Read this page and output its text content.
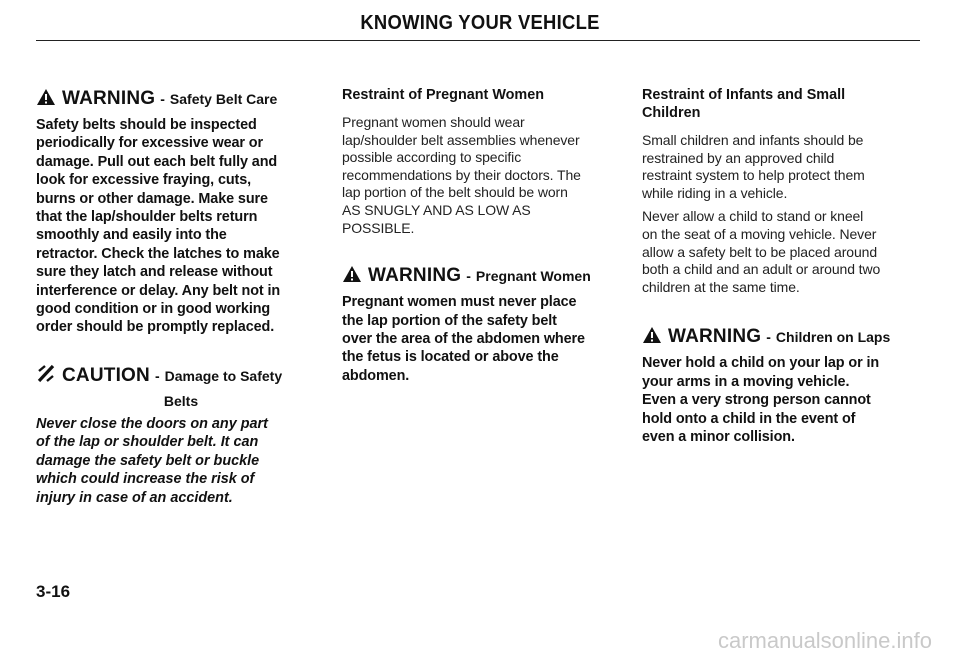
KNOWING YOUR VEHICLE
WARNING - Safety Belt Care

Safety belts should be inspected

periodically for excessive wear or

damage. Pull out each belt fully and

look for excessive fraying, cuts,

burns or other damage. Make sure

that the lap/shoulder belts return

smoothly and easily into the

retractor. Check the latches to make

sure they latch and release without

interference or delay. Any belt not in

good condition or in good working

order should be promptly replaced.

CAUTION - Damage to Safety
Belts

Never close the doors on any part

of the lap or shoulder belt. It can

damage the safety belt or buckle

which could increase the risk of

injury in case of an accident.

Restraint of Pregnant Women

Pregnant women should wear

lap/shoulder belt assemblies whenever

possible according to specific

recommendations by their doctors. The

lap portion of the belt should be worn

AS SNUGLY AND AS LOW AS

POSSIBLE.

WARNING - Pregnant Women

Pregnant women must never place

the lap portion of the safety belt

over the area of the abdomen where

the fetus is located or above the

abdomen.

Restraint of Infants and Small

Children

Small children and infants should be

restrained by an approved child

restraint system to help protect them

while riding in a vehicle.

Never allow a child to stand or kneel

on the seat of a moving vehicle. Never

allow a safety belt to be placed around

both a child and an adult or around two

children at the same time.

WARNING - Children on Laps

Never hold a child on your lap or in

your arms in a moving vehicle.

Even a very strong person cannot

hold onto a child in the event of

even a minor collision.

3-16
carmanualsonline.info
